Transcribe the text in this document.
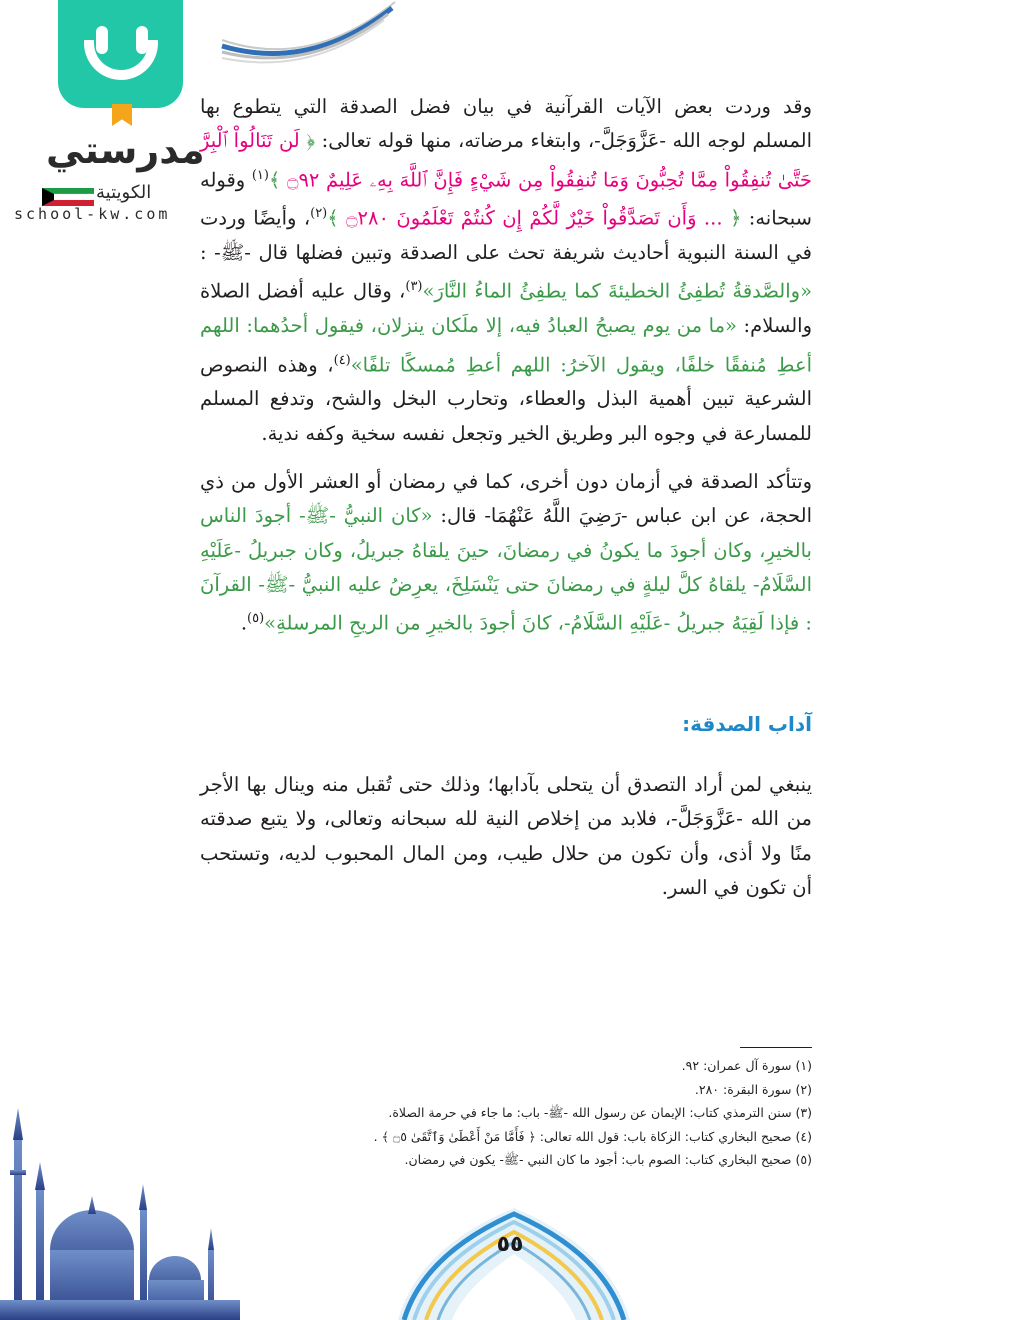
مدرستي
الكويتية
school-kw.com

وقد وردت بعض الآيات القرآنية في بيان فضل الصدقة التي يتطوع بها المسلم لوجه الله -عَزَّوَجَلَّ-، وابتغاء مرضاته، منها قوله تعالى: ﴿ لَن تَنَالُواْ ٱلْبِرَّ حَتَّىٰ تُنفِقُواْ مِمَّا تُحِبُّونَ وَمَا تُنفِقُواْ مِن شَيْءٍ فَإِنَّ ٱللَّهَ بِهِۦ عَلِيمٌ ۝٩٢ ﴾$^{(١)}$ وقوله سبحانه: ﴿ ... وَأَن تَصَدَّقُواْ خَيْرٌ لَّكُمْ إِن كُنتُمْ تَعْلَمُونَ ۝٢٨٠ ﴾$^{(٢)}$، وأيضًا وردت في السنة النبوية أحاديث شريفة تحث على الصدقة وتبين فضلها قال -ﷺ- : «والصَّدقةُ تُطفِئُ الخطيئةَ كما يطفِئُ الماءُ النَّارَ»$^{(٣)}$، وقال عليه أفضل الصلاة والسلام: «ما من يوم يصبحُ العبادُ فيه، إلا ملَكان ينزلان، فيقول أحدُهما: اللهم أعطِ مُنفقًا خلفًا، ويقول الآخرُ: اللهم أعطِ مُمسكًا تلفًا»$^{(٤)}$، وهذه النصوص الشرعية تبين أهمية البذل والعطاء، وتحارب البخل والشح، وتدفع المسلم للمسارعة في وجوه البر وطريق الخير وتجعل نفسه سخية وكفه ندية.

وتتأكد الصدقة في أزمان دون أخرى، كما في رمضان أو العشر الأول من ذي الحجة، عن ابن عباس -رَضِيَ اللَّهُ عَنْهُمَا- قال: «كان النبيُّ -ﷺ- أجودَ الناس بالخيرِ، وكان أجودَ ما يكونُ في رمضانَ، حينَ يلقاهُ جبريلُ، وكان جبريلُ -عَلَيْهِ السَّلَامُ- يلقاهُ كلَّ ليلةٍ في رمضانَ حتى يَنْسَلِخَ، يعرِضُ عليه النبيُّ -ﷺ- القرآنَ : فإذا لَقِيَهُ جبريلُ -عَلَيْهِ السَّلَامُ-، كانَ أجودَ بالخيرِ من الريحِ المرسلةِ»$^{(٥)}$.

آداب الصدقة:

ينبغي لمن أراد التصدق أن يتحلى بآدابها؛ وذلك حتى تُقبل منه وينال بها الأجر من الله -عَزَّوَجَلَّ-، فلابد من إخلاص النية لله سبحانه وتعالى، ولا يتبع صدقته منًا ولا أذى، وأن تكون من حلال طيب، ومن المال المحبوب لديه، وتستحب أن تكون في السر.

(١) سورة آل عمران: ٩٢.
(٢) سورة البقرة: ٢٨٠.
(٣) سنن الترمذي كتاب: الإيمان عن رسول الله -ﷺ- باب: ما جاء في حرمة الصلاة.
(٤) صحيح البخاري كتاب: الزكاة باب: قول الله تعالى: ﴿ فَأَمَّا مَنْ أَعْطَىٰ وَٱتَّقَىٰ ۝٥ ﴾ .
(٥) صحيح البخاري كتاب: الصوم باب: أجود ما كان النبي -ﷺ- يكون في رمضان.
٥٥
